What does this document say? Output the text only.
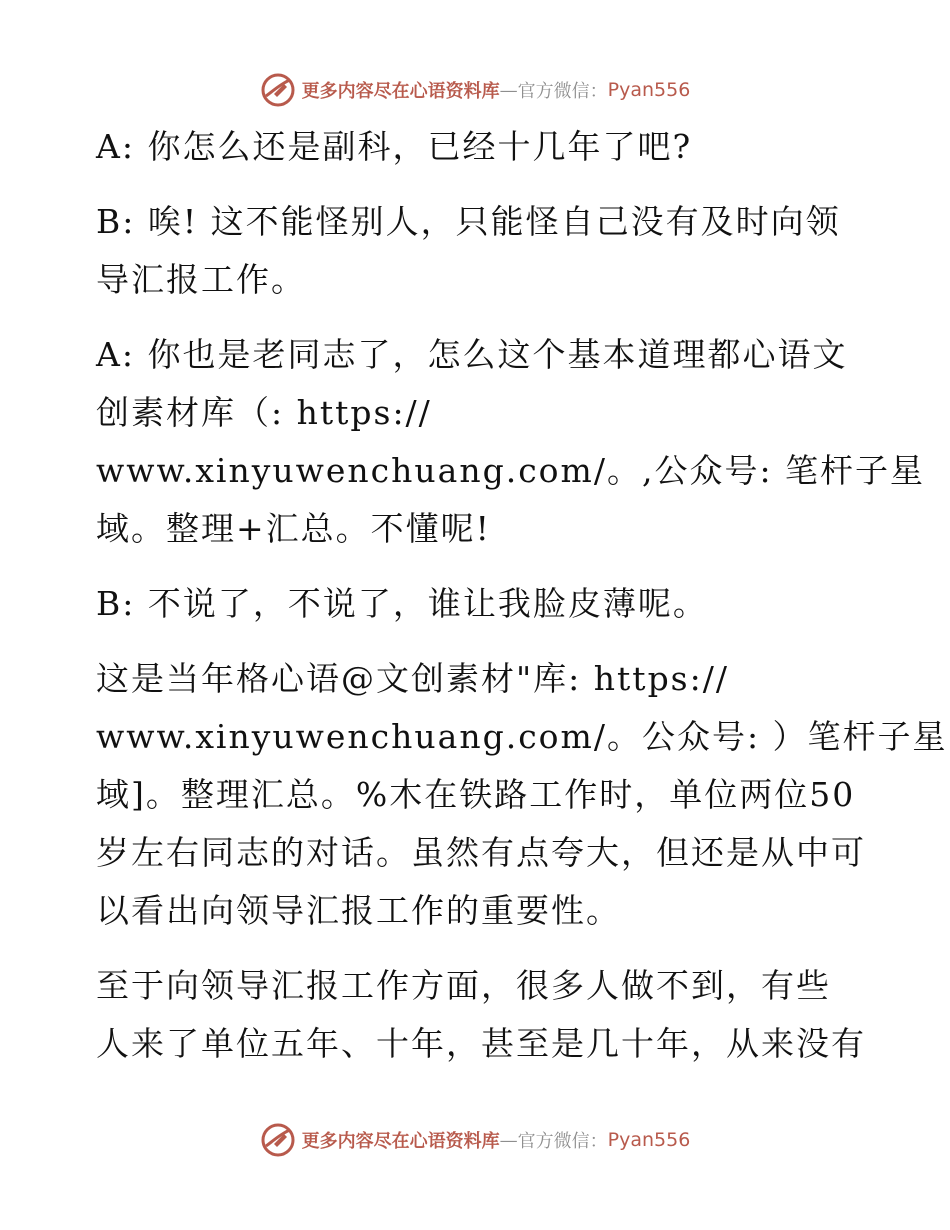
更多内容尽在心语资料库 — 官方微信： Pyan556
A: 你怎么还是副科，已经十几年了吧?
B: 唉! 这不能怪别人，只能怪自己没有及时向领
导汇报工作。
A: 你也是老同志了，怎么这个基本道理都心语文
创素材库（: https://
www.xinyuwenchuang.com/。,公众号: 笔杆子星
域。整理+汇总。不懂呢!
B: 不说了，不说了，谁让我脸皮薄呢。
这是当年格心语@文创素材"库: https://
www.xinyuwenchuang.com/。公众号: ）笔杆子星
域]。整理汇总。%木在铁路工作时，单位两位50
岁左右同志的对话。虽然有点夸大，但还是从中可
以看出向领导汇报工作的重要性。
至于向领导汇报工作方面，很多人做不到，有些
人来了单位五年、十年，甚至是几十年，从来没有
更多内容尽在心语资料库 — 官方微信： Pyan556
